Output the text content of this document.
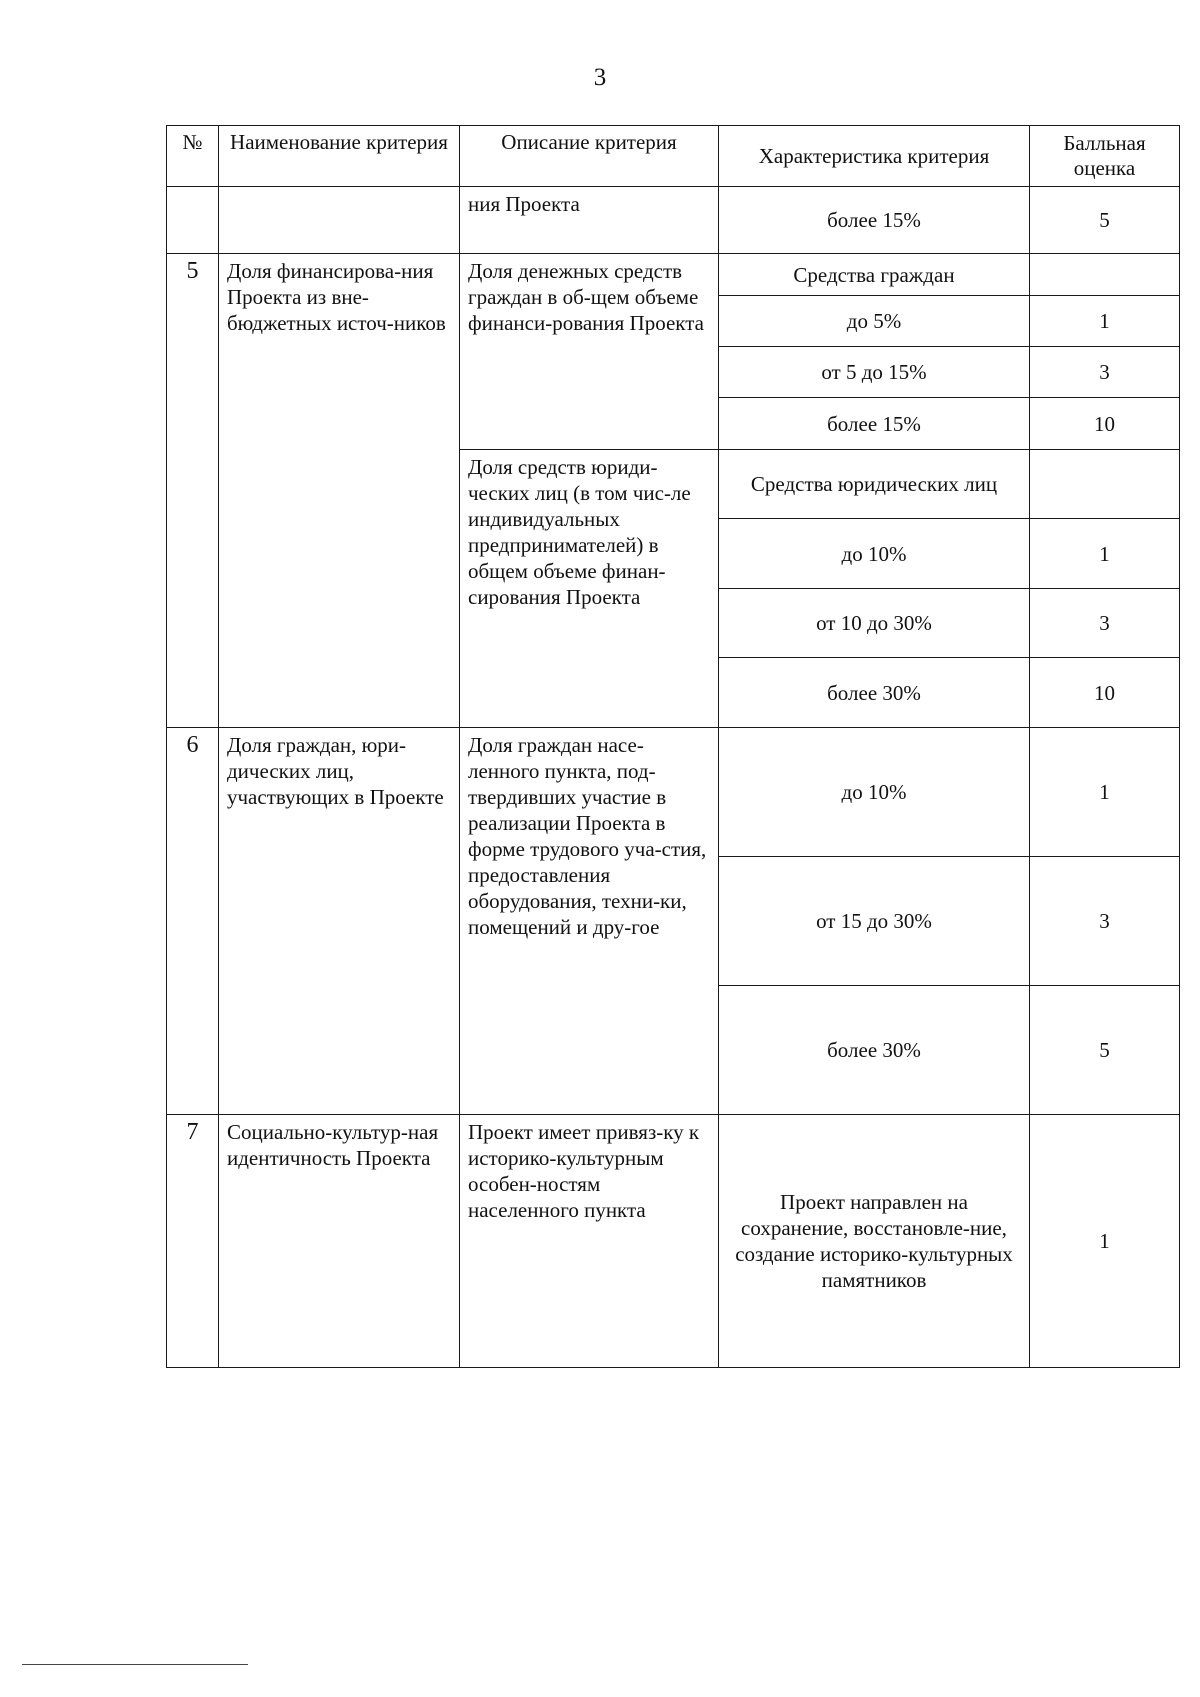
3
№	Наименование критерия	Описание критерия	Характеристика критерия	Балльная оценка
		ния Проекта	более 15%	5
5	Доля финансирова-ния Проекта из вне-бюджетных источ-ников	Доля денежных средств граждан в об-щем объеме финанси-рования Проекта	Средства граждан	
			до 5%	1
			от 5 до 15%	3
			более 15%	10
		Доля средств юриди-ческих лиц (в том чис-ле индивидуальных предпринимателей) в общем объеме финан-сирования Проекта	Средства юридических лиц	
			до 10%	1
			от 10 до 30%	3
			более 30%	10
6	Доля граждан, юри-дических лиц, участвующих в Проекте	Доля граждан насе-ленного пункта, под-твердивших участие в реализации Проекта в форме трудового уча-стия, предоставления оборудования, техни-ки, помещений и дру-гое	до 10%	1
			от 15 до 30%	3
			более 30%	5
7	Социально-культур-ная идентичность Проекта	Проект имеет привяз-ку к историко-культурным особен-ностям населенного пункта	Проект направлен на сохранение, восстановле-ние, создание историко-культурных памятников	1
